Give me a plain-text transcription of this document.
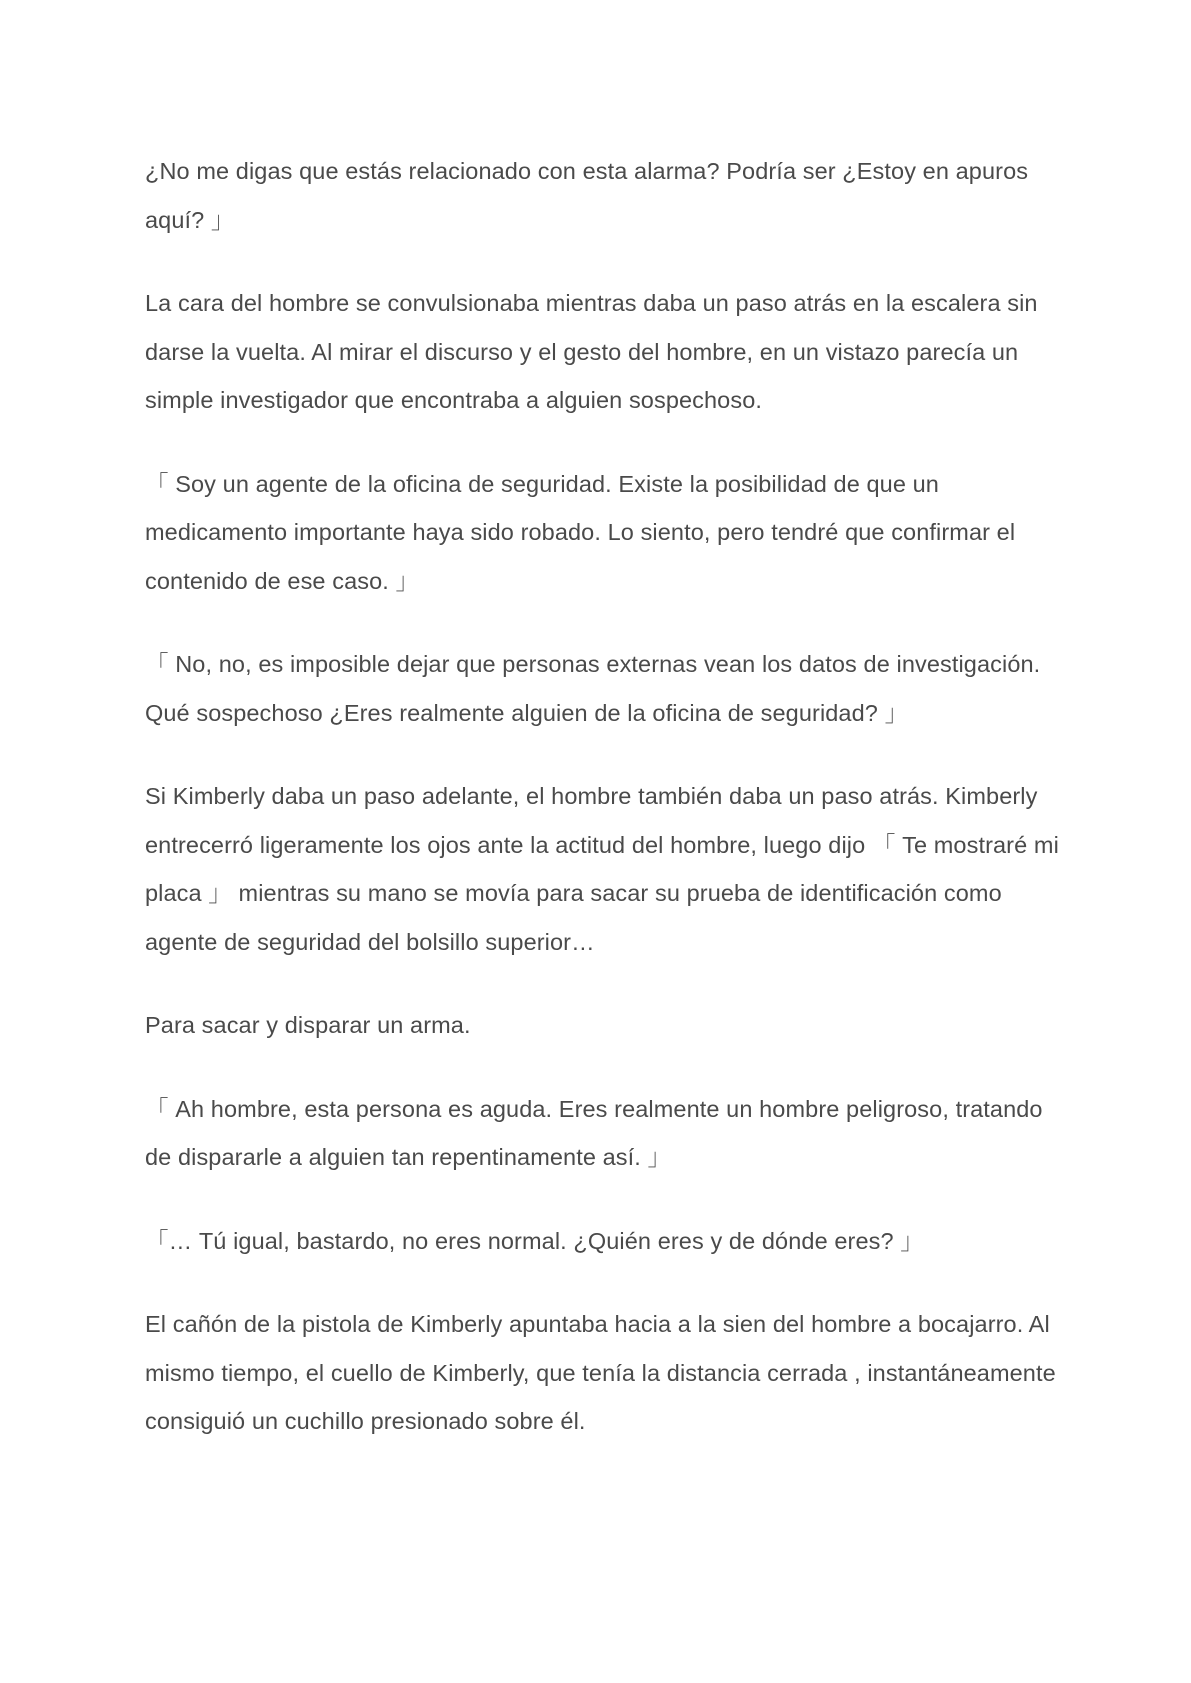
¿No me digas que estás relacionado con esta alarma? Podría ser ¿Estoy en apuros aquí? 」

La cara del hombre se convulsionaba mientras daba un paso atrás en la escalera sin darse la vuelta. Al mirar el discurso y el gesto del hombre, en un vistazo parecía un simple investigador que encontraba a alguien sospechoso.

「 Soy un agente de la oficina de seguridad. Existe la posibilidad de que un medicamento importante haya sido robado. Lo siento, pero tendré que confirmar el contenido de ese caso. 」

「 No, no, es imposible dejar que personas externas vean los datos de investigación. Qué sospechoso ¿Eres realmente alguien de la oficina de seguridad? 」

Si Kimberly daba un paso adelante, el hombre también daba un paso atrás. Kimberly entrecerró ligeramente los ojos ante la actitud del hombre, luego dijo 「 Te mostraré mi placa 」 mientras su mano se movía para sacar su prueba de identificación como agente de seguridad del bolsillo superior…

Para sacar y disparar un arma.

「 Ah hombre, esta persona es aguda. Eres realmente un hombre peligroso, tratando de dispararle a alguien tan repentinamente así. 」

「… Tú igual, bastardo, no eres normal. ¿Quién eres y de dónde eres? 」

El cañón de la pistola de Kimberly apuntaba hacia a la sien del hombre a bocajarro. Al mismo tiempo, el cuello de Kimberly, que tenía la distancia cerrada , instantáneamente consiguió un cuchillo presionado sobre él.
